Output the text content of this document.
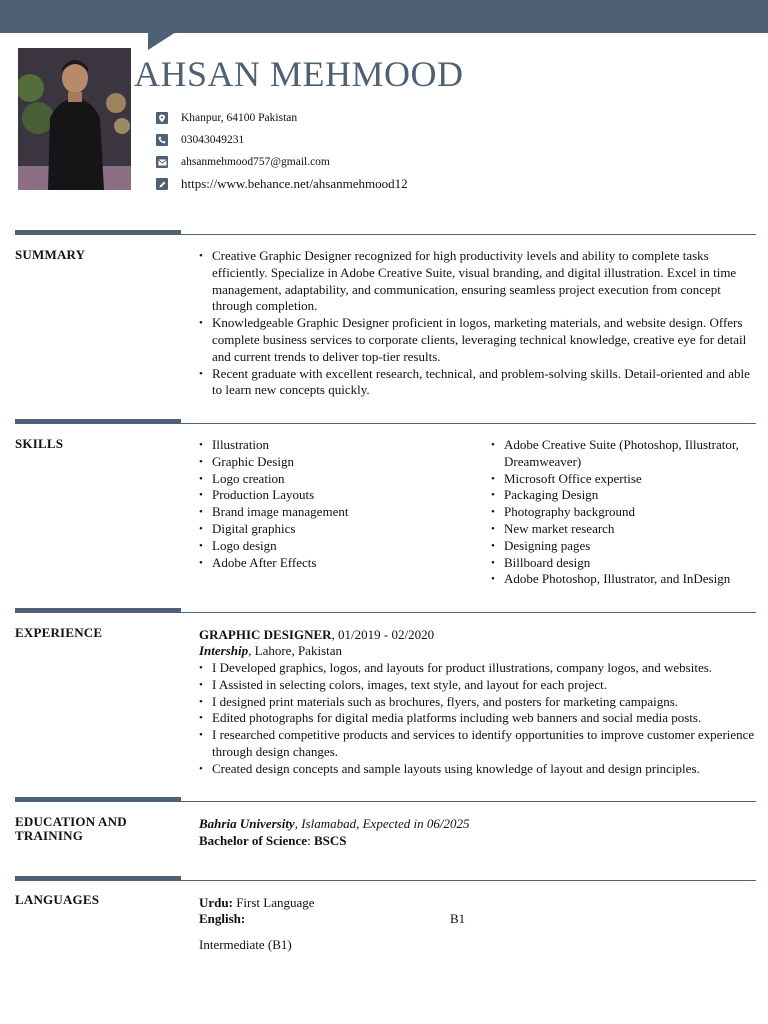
AHSAN MEHMOOD
Khanpur, 64100 Pakistan
03043049231
ahsanmehmood757@gmail.com
https://www.behance.net/ahsanmehmood12
SUMMARY	• Creative Graphic Designer recognized for high productivity levels and ability to complete tasks efficiently. Specialize in Adobe Creative Suite, visual branding, and digital illustration. Excel in time management, adaptability, and communication, ensuring seamless project execution from concept through completion.
• Knowledgeable Graphic Designer proficient in logos, marketing materials, and website design. Offers complete business services to corporate clients, leveraging technical knowledge, creative eye for detail and current trends to deliver top-tier results.
• Recent graduate with excellent research, technical, and problem-solving skills. Detail-oriented and able to learn new concepts quickly.
SKILLS	• Illustration
• Graphic Design
• Logo creation
• Production Layouts
• Brand image management
• Digital graphics
• Logo design
• Adobe After Effects
• Adobe Creative Suite (Photoshop, Illustrator, Dreamweaver)
• Microsoft Office expertise
• Packaging Design
• Photography background
• New market research
• Designing pages
• Billboard design
• Adobe Photoshop, Illustrator, and InDesign
EXPERIENCE	GRAPHIC DESIGNER, 01/2019 - 02/2020
Intership, Lahore, Pakistan
• I Developed graphics, logos, and layouts for product illustrations, company logos, and websites.
• I Assisted in selecting colors, images, text style, and layout for each project.
• I designed print materials such as brochures, flyers, and posters for marketing campaigns.
• Edited photographs for digital media platforms including web banners and social media posts.
• I researched competitive products and services to identify opportunities to improve customer experience through design changes.
• Created design concepts and sample layouts using knowledge of layout and design principles.
EDUCATION AND
TRAINING
Bahria University, Islamabad, Expected in 06/2025
Bachelor of Science: BSCS
LANGUAGES	Urdu: First Language
English:	B1
Intermediate (B1)
